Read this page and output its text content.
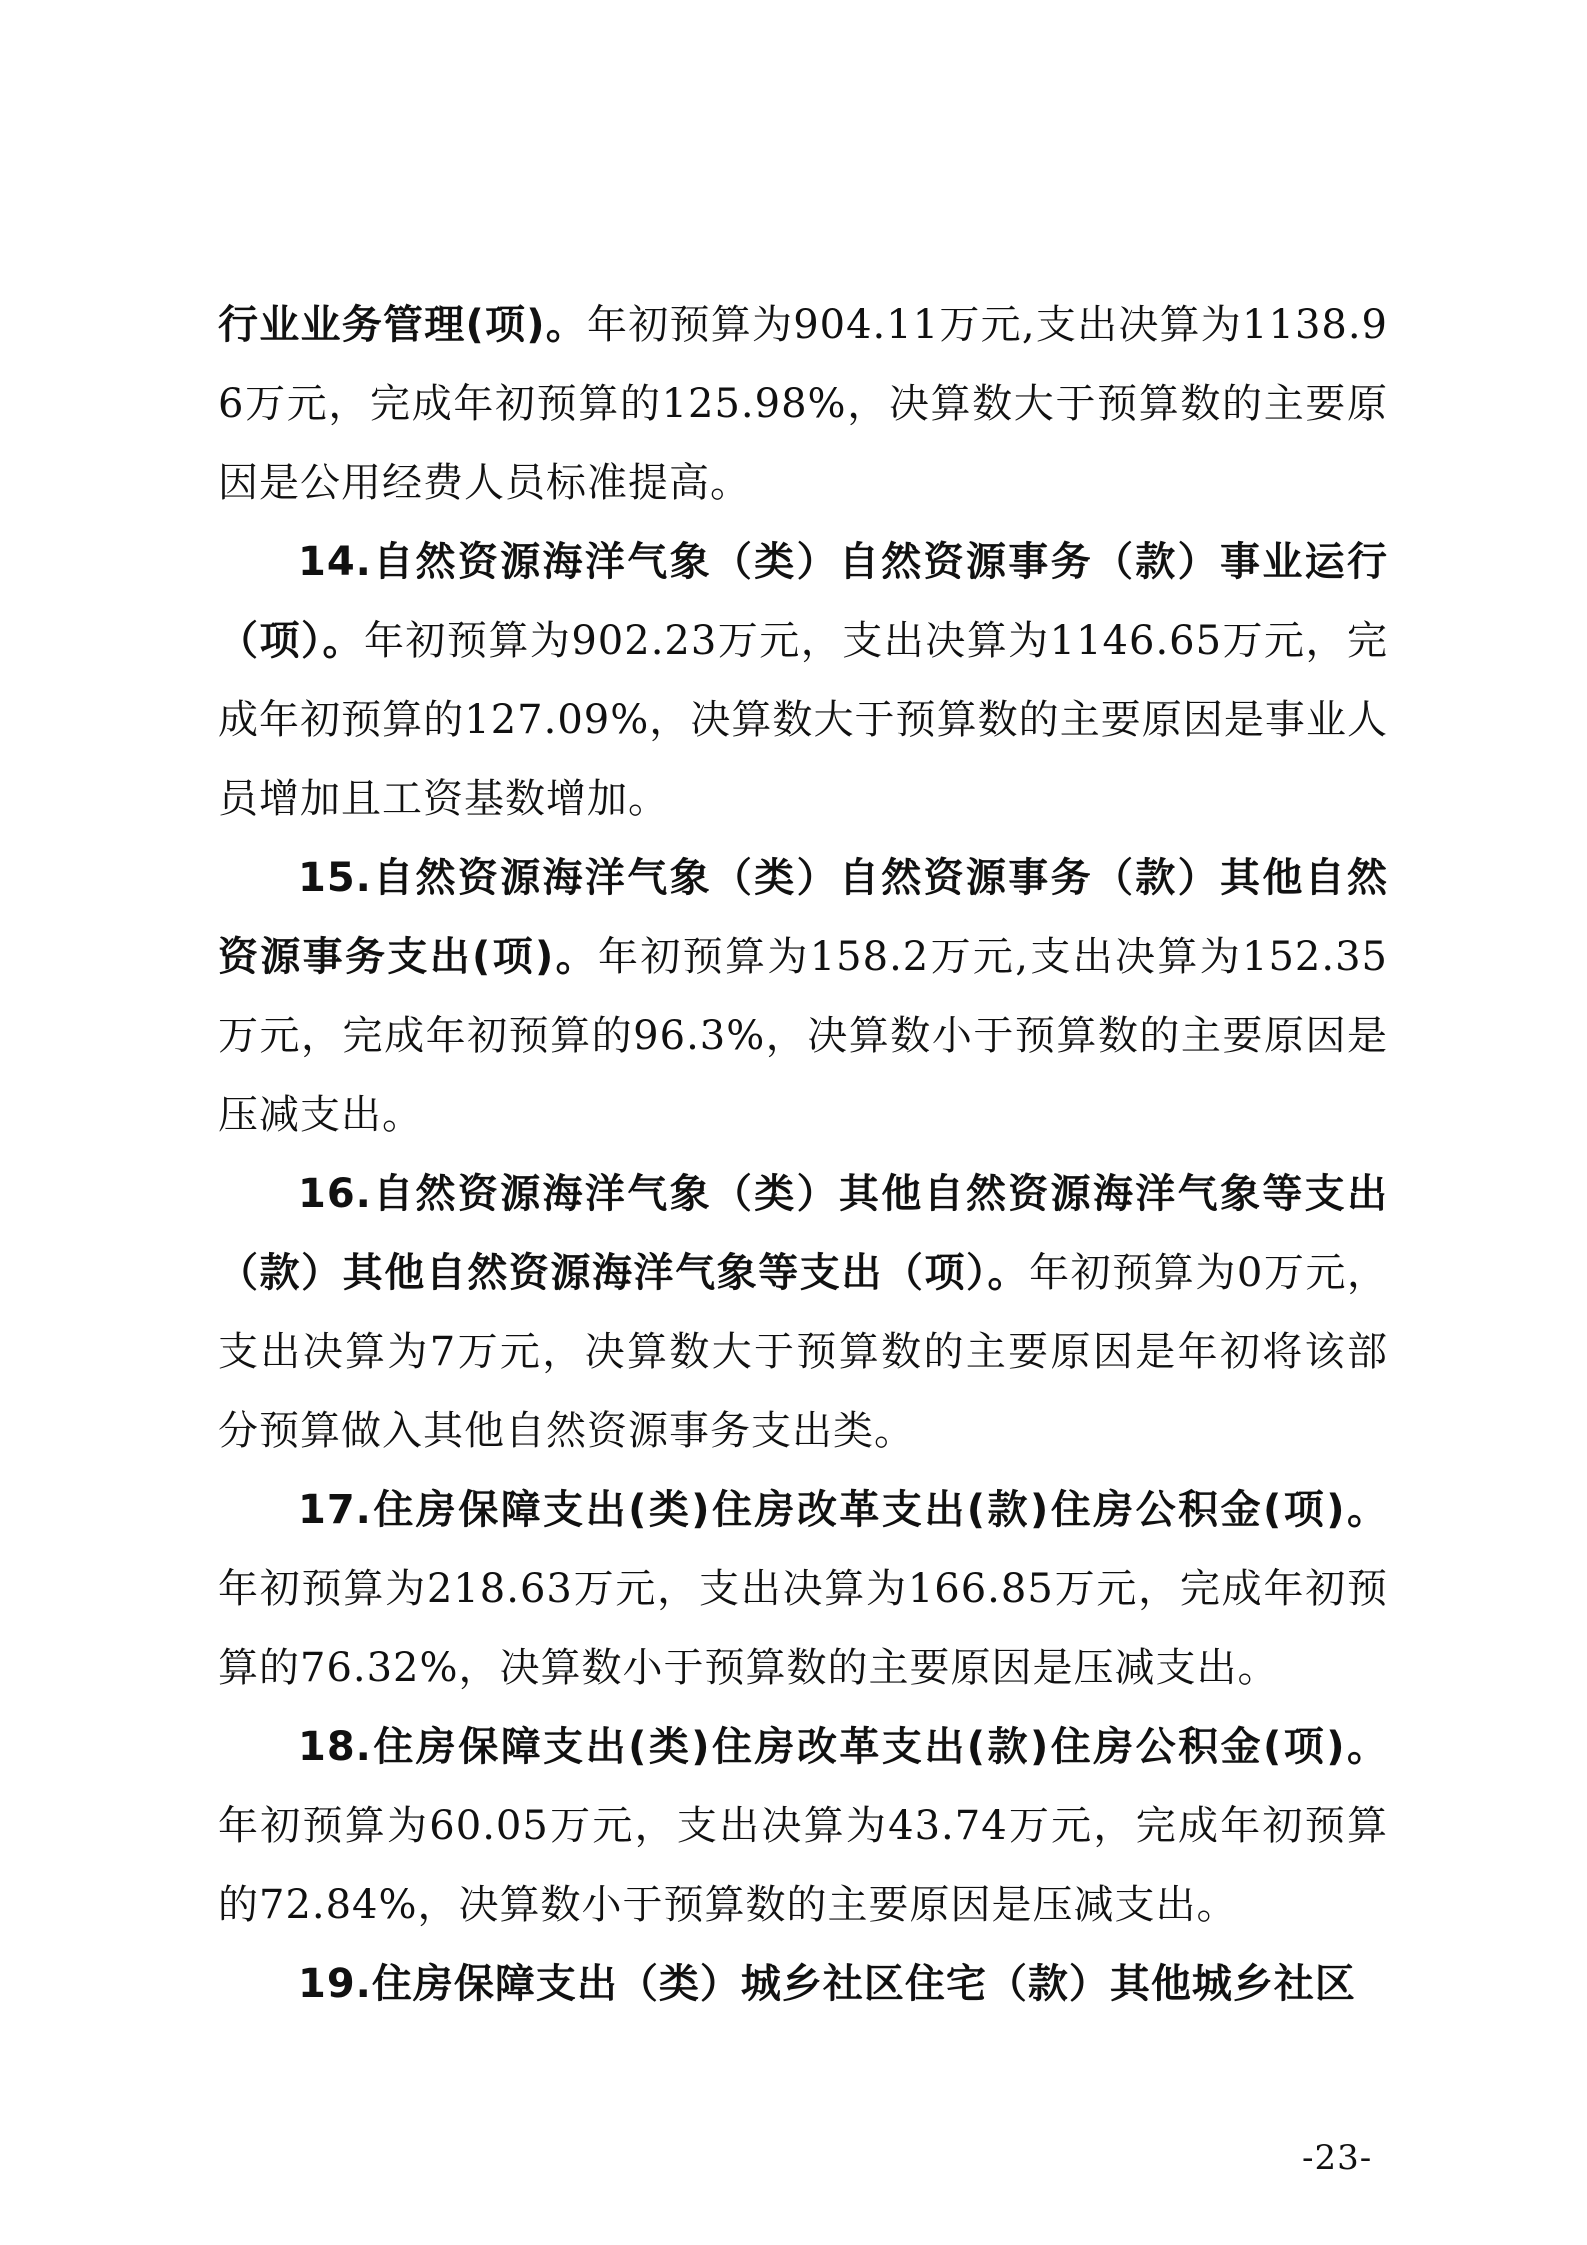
行业业务管理(项)。年初预算为904.11万元,支出决算为1138.96万元，完成年初预算的125.98%，决算数大于预算数的主要原因是公用经费人员标准提高。

14.自然资源海洋气象（类）自然资源事务（款）事业运行（项）。年初预算为902.23万元，支出决算为1146.65万元，完成年初预算的127.09%，决算数大于预算数的主要原因是事业人员增加且工资基数增加。

15.自然资源海洋气象（类）自然资源事务（款）其他自然资源事务支出(项)。年初预算为158.2万元,支出决算为152.35万元，完成年初预算的96.3%，决算数小于预算数的主要原因是压减支出。

16.自然资源海洋气象（类）其他自然资源海洋气象等支出（款）其他自然资源海洋气象等支出（项）。年初预算为0万元，支出决算为7万元，决算数大于预算数的主要原因是年初将该部分预算做入其他自然资源事务支出类。

17.住房保障支出(类)住房改革支出(款)住房公积金(项)。年初预算为218.63万元，支出决算为166.85万元，完成年初预算的76.32%，决算数小于预算数的主要原因是压减支出。

18.住房保障支出(类)住房改革支出(款)住房公积金(项)。年初预算为60.05万元，支出决算为43.74万元，完成年初预算的72.84%，决算数小于预算数的主要原因是压减支出。

19.住房保障支出（类）城乡社区住宅（款）其他城乡社区

-23-
